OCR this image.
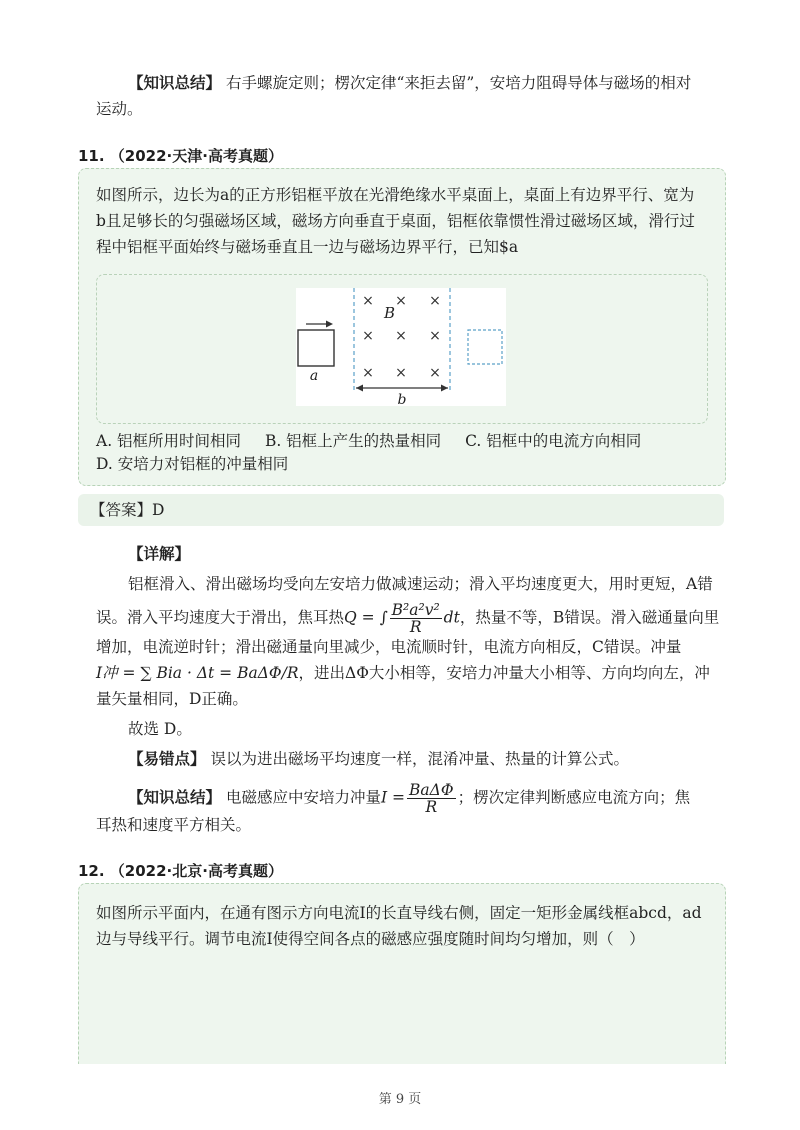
【知识总结】 右手螺旋定则；楞次定律“来拒去留”，安培力阻碍导体与磁场的相对
运动。
11. （2022·天津·高考真题）
如图所示，边长为a的正方形铝框平放在光滑绝缘水平桌面上，桌面上有边界平行、宽为
b且足够长的匀强磁场区域，磁场方向垂直于桌面，铝框依靠惯性滑过磁场区域，滑行过
程中铝框平面始终与磁场垂直且一边与磁场边界平行，已知$a
a
× × ×
× × ×
× × ×
B
b
A. 铝框所用时间相同 B. 铝框上产生的热量相同 C. 铝框中的电流方向相同
D. 安培力对铝框的冲量相同
【答案】D
【详解】
铝框滑入、滑出磁场均受向左安培力做减速运动；滑入平均速度更大，用时更短，A错
误。滑入平均速度大于滑出，焦耳热Q = ∫ $\frac{\text{B²a²v²}}{R}$ dt，热量不等，B错误。滑入磁通量向里
增加，电流逆时针；滑出磁通量向里减少，电流顺时针，电流方向相反，C错误。冲量
I冲 = ∑ Bia · Δt = BaΔΦ/R，进出ΔΦ大小相等，安培力冲量大小相等、方向均向左，冲
量矢量相同，D正确。
故选 D。
【易错点】 误以为进出磁场平均速度一样，混淆冲量、热量的计算公式。
【知识总结】 电磁感应中安培力冲量$I = \frac{\text{BaΔΦ}}{R}$ ；楞次定律判断感应电流方向；焦
耳热和速度平方相关。
12. （2022·北京·高考真题）
如图所示平面内，在通有图示方向电流I的长直导线右侧，固定一矩形金属线框abcd，ad
边与导线平行。调节电流I使得空间各点的磁感应强度随时间均匀增加，则（　）
第 9 页
